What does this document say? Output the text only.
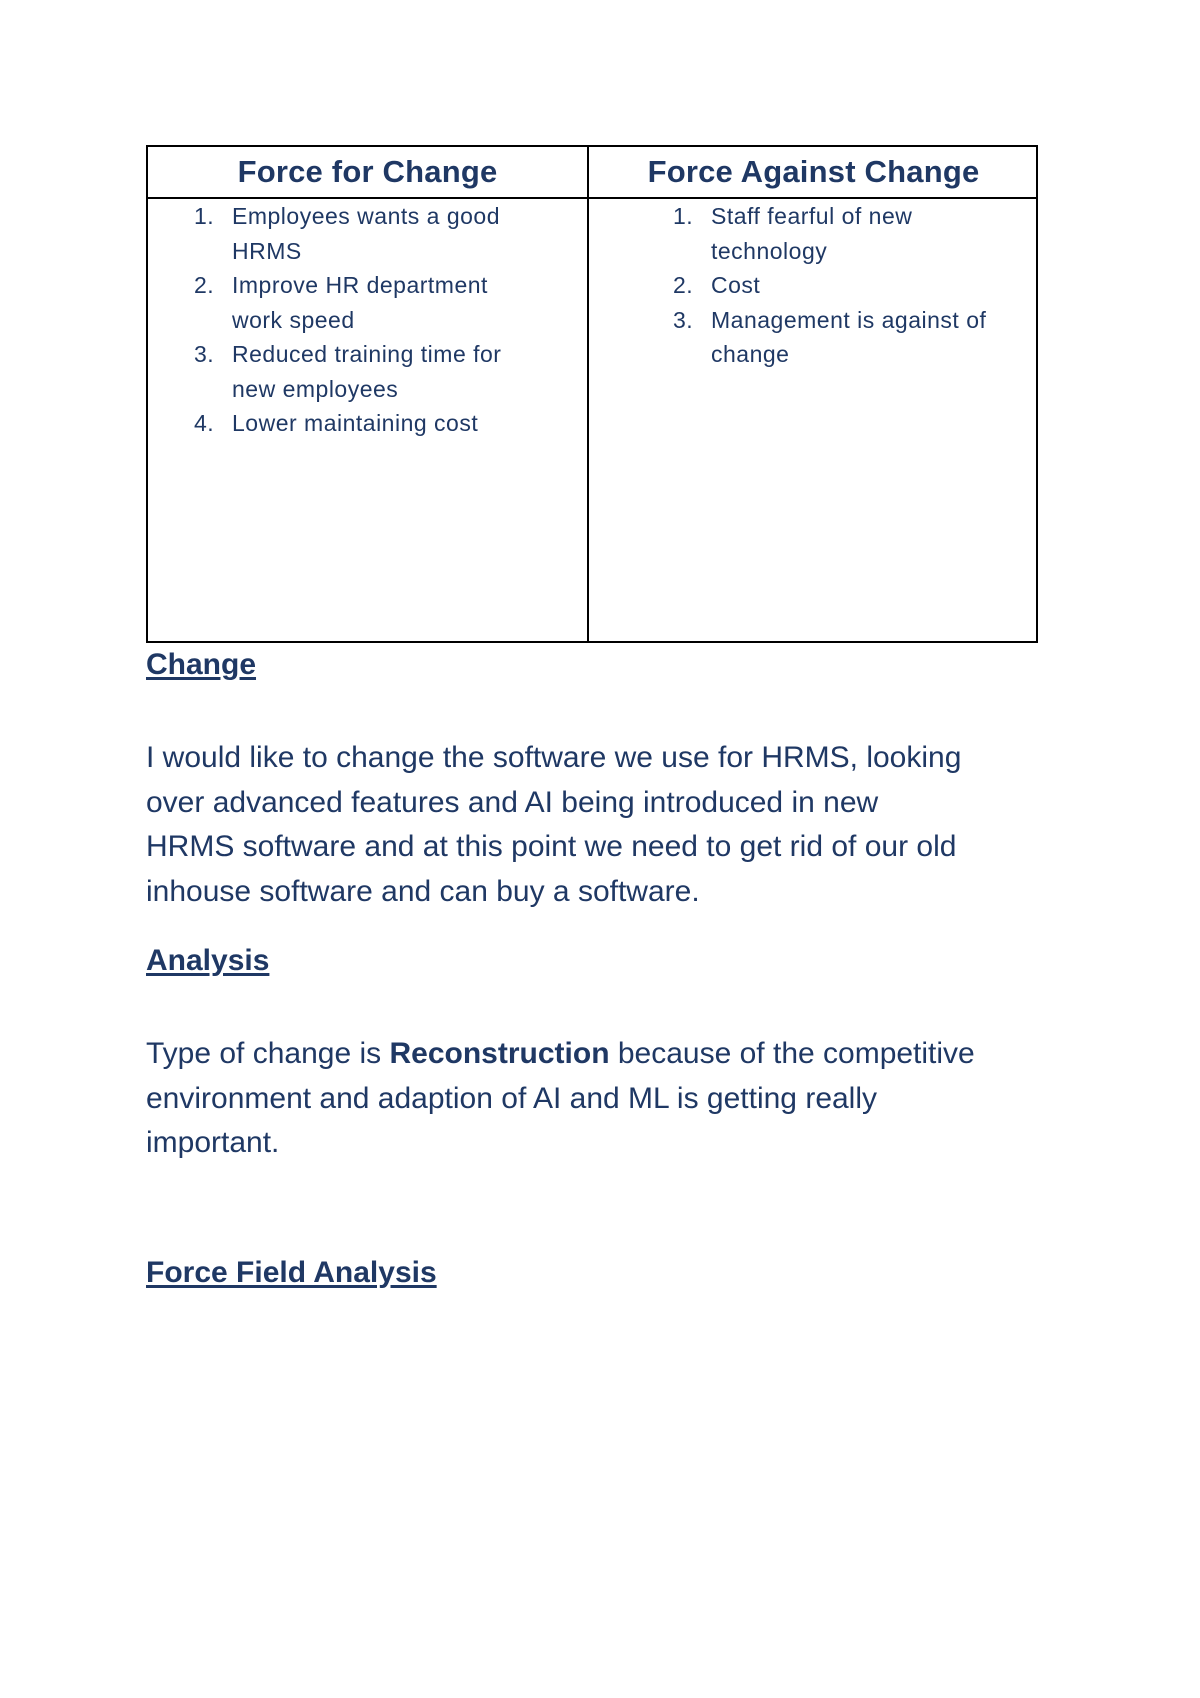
Force for Change
1. Employees wants a good
HRMS
2. Improve HR department
work speed
3. Reduced training time for
new employees
4. Lower maintaining cost
Force Against Change
1. Staff fearful of new
technology
2. Cost
3. Management is against of
change
Change
I would like to change the software we use for HRMS, looking
over advanced features and AI being introduced in new
HRMS software and at this point we need to get rid of our old
inhouse software and can buy a software.
Analysis
Type of change is Reconstruction because of the competitive
environment and adaption of AI and ML is getting really
important.
Force Field Analysis
